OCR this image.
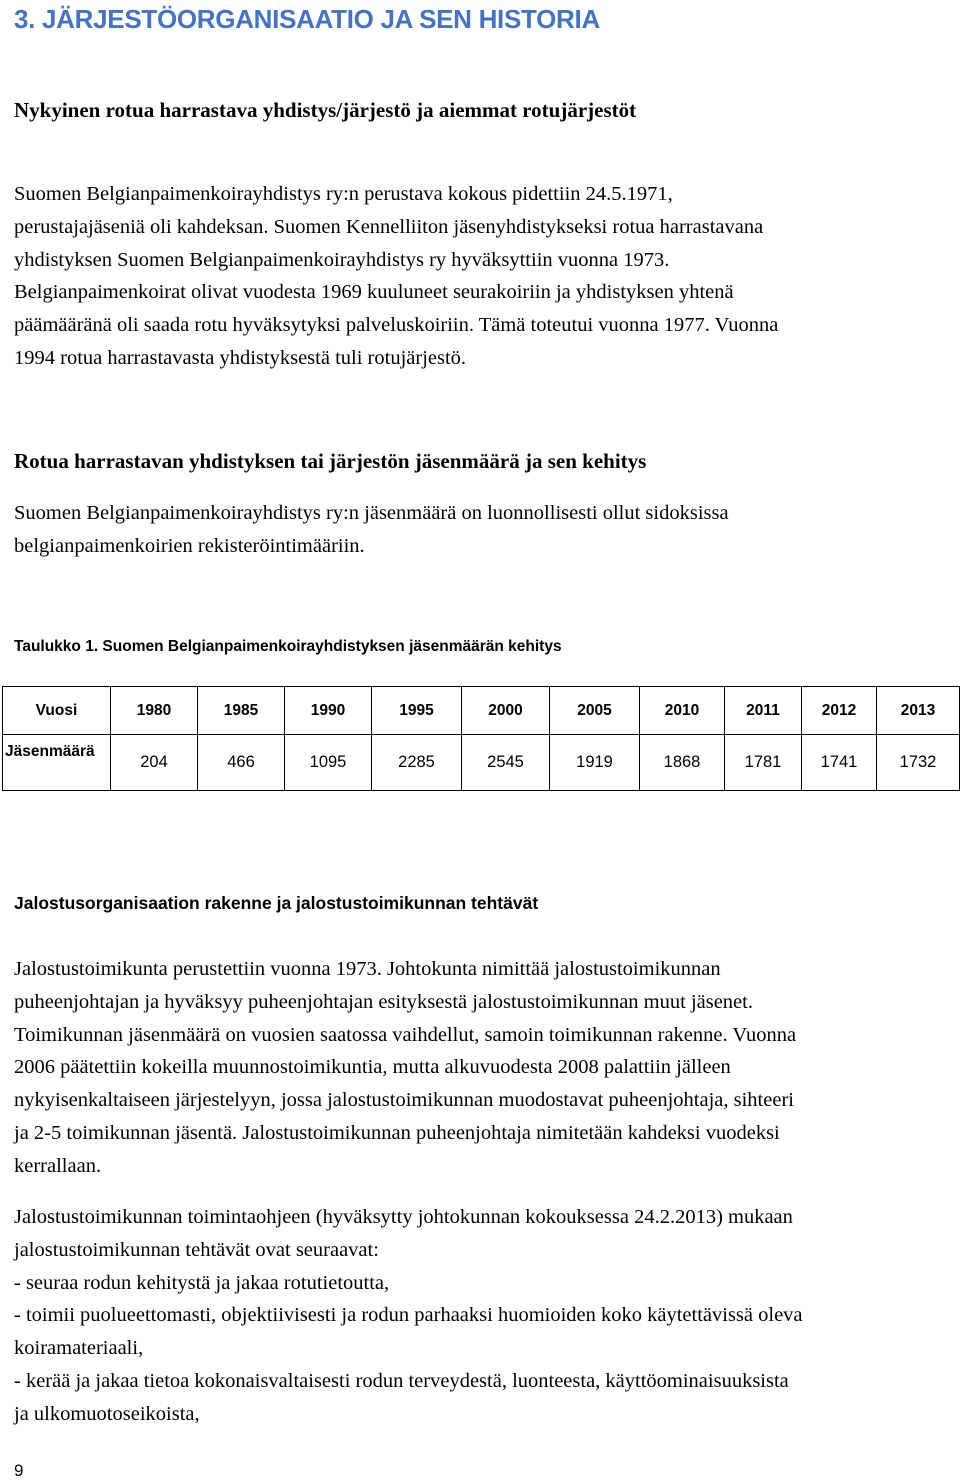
3. JÄRJESTÖORGANISAATIO JA SEN HISTORIA
Nykyinen rotua harrastava yhdistys/järjestö ja aiemmat rotujärjestöt
Suomen Belgianpaimenkoirayhdistys ry:n perustava kokous pidettiin 24.5.1971,
perustajajäseniä oli kahdeksan. Suomen Kennelliiton jäsenyhdistykseksi rotua harrastavana
yhdistyksen Suomen Belgianpaimenkoirayhdistys ry hyväksyttiin vuonna 1973.
Belgianpaimenkoirat olivat vuodesta 1969 kuuluneet seurakoiriin ja yhdistyksen yhtenä
päämääränä oli saada rotu hyväksytyksi palveluskoiriin. Tämä toteutui vuonna 1977. Vuonna
1994 rotua harrastavasta yhdistyksestä tuli rotujärjestö.
Rotua harrastavan yhdistyksen tai järjestön jäsenmäärä ja sen kehitys
Suomen Belgianpaimenkoirayhdistys ry:n jäsenmäärä on luonnollisesti ollut sidoksissa
belgianpaimenkoirien rekisteröintimääriin.

Taulukko 1. Suomen Belgianpaimenkoirayhdistyksen jäsenmäärän kehitys

Jalostusorganisaation rakenne ja jalostustoimikunnan tehtävät
Jalostustoimikunta perustettiin vuonna 1973. Johtokunta nimittää jalostustoimikunnan
puheenjohtajan ja hyväksyy puheenjohtajan esityksestä jalostustoimikunnan muut jäsenet.
Toimikunnan jäsenmäärä on vuosien saatossa vaihdellut, samoin toimikunnan rakenne. Vuonna
2006 päätettiin kokeilla muunnostoimikuntia, mutta alkuvuodesta 2008 palattiin jälleen
nykyisenkaltaiseen järjestelyyn, jossa jalostustoimikunnan muodostavat puheenjohtaja, sihteeri
ja 2-5 toimikunnan jäsentä. Jalostustoimikunnan puheenjohtaja nimitetään kahdeksi vuodeksi
kerrallaan.
Jalostustoimikunnan toimintaohjeen (hyväksytty johtokunnan kokouksessa 24.2.2013) mukaan
jalostustoimikunnan tehtävät ovat seuraavat:
- seuraa rodun kehitystä ja jakaa rotutietoutta,
- toimii puolueettomasti, objektiivisesti ja rodun parhaaksi huomioiden koko käytettävissä oleva
koiramateriaali,
- kerää ja jakaa tietoa kokonaisvaltaisesti rodun terveydestä, luonteesta, käyttöominaisuuksista
ja ulkomuotoseikoista,

9

Vuosi	1980	1985	1990	1995	2000	2005	2010	2011	2012	2013
Jäsenmäärä	204	466	1095	2285	2545	1919	1868	1781	1741	1732
